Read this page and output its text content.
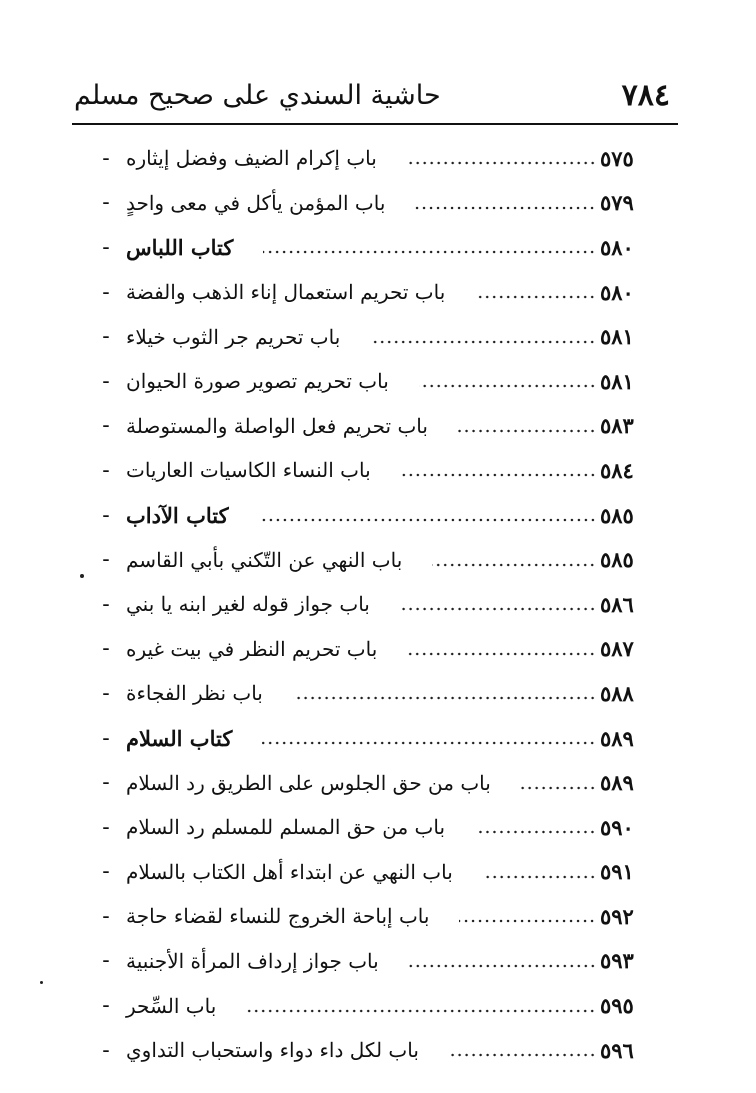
٧٨٤
حاشية السندي على صحيح مسلم
- باب إكرام الضيف وفضل إيثاره	٥٧٥
- باب المؤمن يأكل في معى واحدٍ	٥٧٩
- كتاب اللباس	٥٨٠
- باب تحريم استعمال إناء الذهب والفضة	٥٨٠
- باب تحريم جر الثوب خيلاء	٥٨١
- باب تحريم تصوير صورة الحيوان	٥٨١
- باب تحريم فعل الواصلة والمستوصلة	٥٨٣
- باب النساء الكاسيات العاريات	٥٨٤
- كتاب الآداب	٥٨٥
- باب النهي عن التّكني بأبي القاسم	٥٨٥
- باب جواز قوله لغير ابنه يا بني	٥٨٦
- باب تحريم النظر في بيت غيره	٥٨٧
- باب نظر الفجاءة	٥٨٨
- كتاب السلام	٥٨٩
- باب من حق الجلوس على الطريق رد السلام	٥٨٩
- باب من حق المسلم للمسلم رد السلام	٥٩٠
- باب النهي عن ابتداء أهل الكتاب بالسلام	٥٩١
- باب إباحة الخروج للنساء لقضاء حاجة	٥٩٢
- باب جواز إرداف المرأة الأجنبية	٥٩٣
- باب السِّحر	٥٩٥
- باب لكل داء دواء واستحباب التداوي	٥٩٦
